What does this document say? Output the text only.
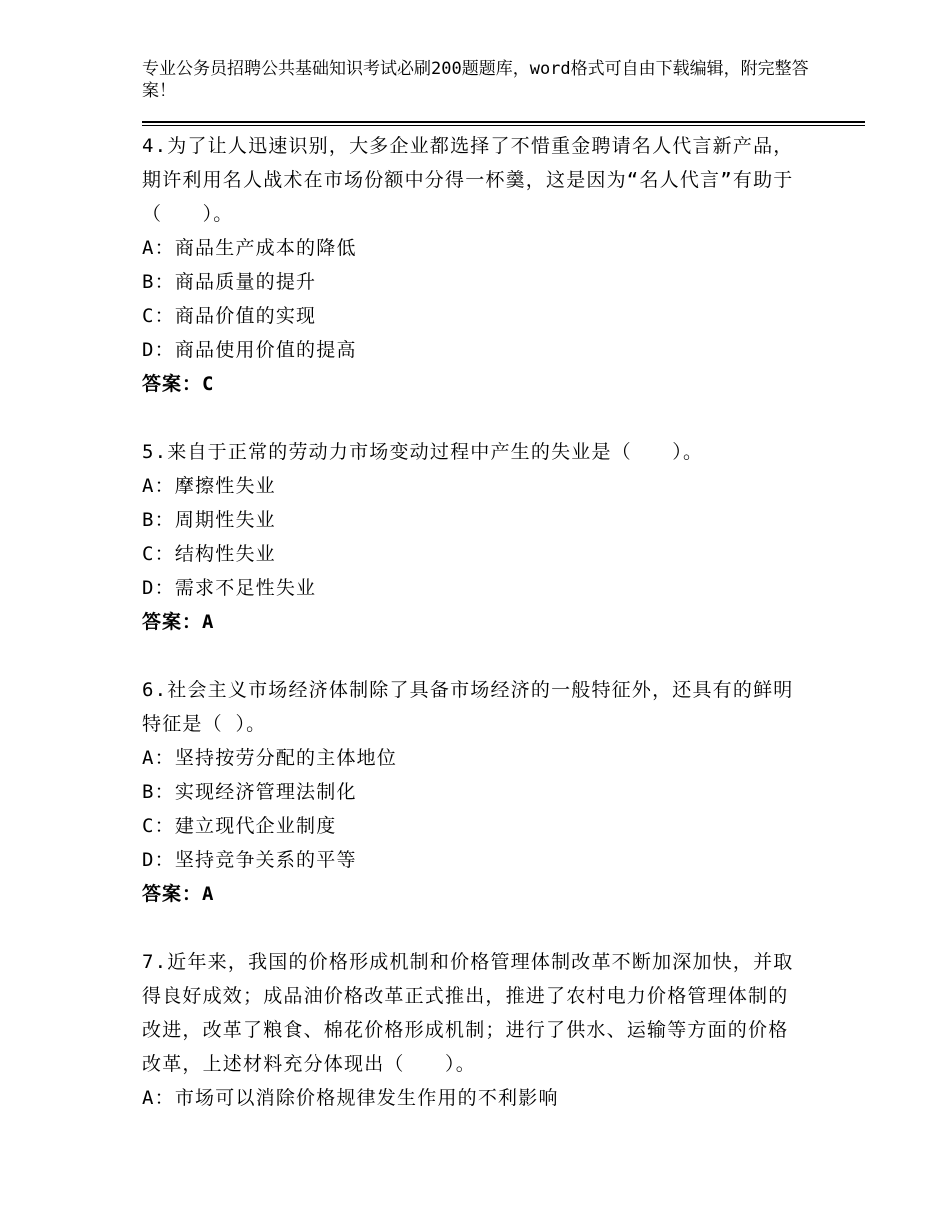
专业公务员招聘公共基础知识考试必刷200题题库，word格式可自由下载编辑，附完整答案！

4.为了让人迅速识别，大多企业都选择了不惜重金聘请名人代言新产品，期许利用名人战术在市场份额中分得一杯羹，这是因为“名人代言”有助于（　　）。

A：商品生产成本的降低

B：商品质量的提升

C：商品价值的实现

D：商品使用价值的提高

答案：C

5.来自于正常的劳动力市场变动过程中产生的失业是（　　）。

A：摩擦性失业

B：周期性失业

C：结构性失业

D：需求不足性失业

答案：A

6.社会主义市场经济体制除了具备市场经济的一般特征外，还具有的鲜明特征是（ ）。

A：坚持按劳分配的主体地位

B：实现经济管理法制化

C：建立现代企业制度

D：坚持竞争关系的平等

答案：A

7.近年来，我国的价格形成机制和价格管理体制改革不断加深加快，并取得良好成效；成品油价格改革正式推出，推进了农村电力价格管理体制的改进，改革了粮食、棉花价格形成机制；进行了供水、运输等方面的价格改革，上述材料充分体现出（　　）。

A：市场可以消除价格规律发生作用的不利影响
